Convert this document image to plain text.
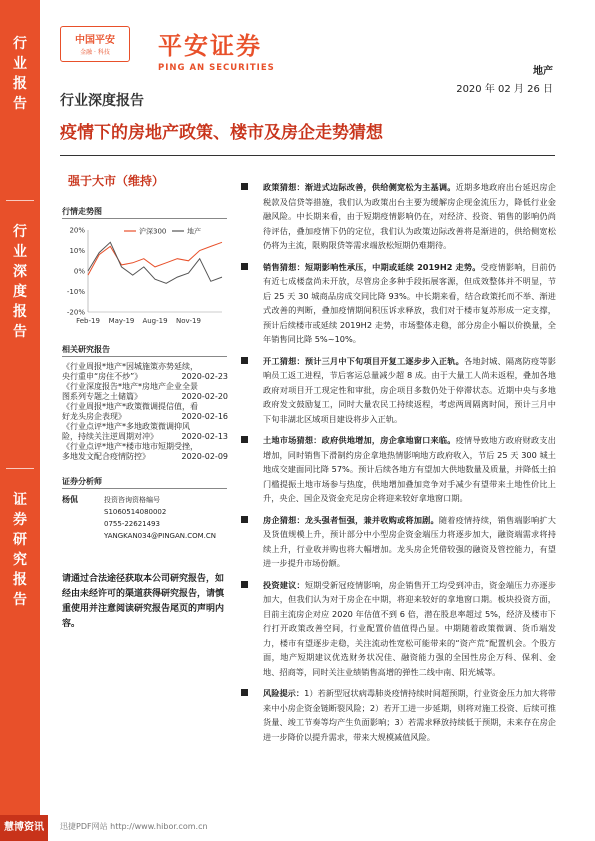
行
业
报
告
行
业
深
度
报
告
证
券
研
究
报
告
中国平安
金融 · 科技	平安证券
PING AN SECURITIES	地产
2020 年 02 月 26 日
行业深度报告
疫情下的房地产政策、楼市及房企走势猜想
强于大市（维持）
行情走势图
20%
10%
0%
-10%
-20%
Feb-19 May-19 Aug-19 Nov-19
沪深300	地产
相关研究报告
《行业周报*地产*因城施策亦势延续，
央行重申“房住不炒”》	2020-02-23
《行业深度报告*地产*房地产企业全景
图系列专题之土储篇》	2020-02-20
《行业周报*地产*政策微调提信值，看
好龙头房企表现》	2020-02-16
《行业点评*地产*多地政策微调抑风
险，持续关注逆周期对冲》	2020-02-13
《行业点评*地产*楼市地市短期受挫，
多地发文配合疫情防控》	2020-02-09
证券分析师
杨侃	投资咨询资格编号
S1060514080002
0755-22621493
YANGKAN034@PINGAN.COM.CN
请通过合法途径获取本公司研究报告，如经由未经许可的渠道获得研究报告，请慎重使用并注意阅读研究报告尾页的声明内容。
政策猜想：渐进式边际改善，供给侧宽松为主基调。近期多地政府出台延迟房企税款及信贷等措施，我们认为政策出台主要为缓解房企现金流压力，降低行业金融风险。中长期来看，由于短期疫情影响仍在，对经济、投资、销售的影响仍尚待评估，叠加疫情下仍的定位，我们认为政策边际改善将是渐进的，供给侧宽松仍将为主流，限购限贷等需求端放松短期仍难期待。
销售猜想：短期影响性承压，中期或延续 2019H2 走势。受疫情影响，目前仍有近七成楼盘尚未开放，尽管房企多种手段拓展客源，但成效整体并不明显，节后 25 天 30 城商品房成交同比降 93%。中长期来看，结合政策托而不举、渐进式改善的判断，叠加疫情期间积压诉求释放，我们对于楼市复苏形成一定支撑，预计后续楼市或延续 2019H2 走势，市场整体走稳，部分房企小幅以价换量，全年销售同比降 5%~10%。
开工猜想：预计三月中下旬项目开复工逐步步入正轨。各地封城、隔离防疫等影响员工返工进程，节后客运总量减少超 8 成。由于大量工人尚未返程，叠加各地政府对项目开工现定性和审批，房企项目多数仍处于停滞状态。近期中央与多地政府发文鼓励复工，同时大量农民工持续返程，考虑两周隔离时间，预计三月中下旬非湖北区域项目建设将步入正轨。
土地市场猜想：政府供地增加，房企拿地窗口来临。疫情导致地方政府财政支出增加，同时销售下滑制约房企拿地热情影响地方政府收入，节后 25 天 300 城土地成交建面同比降 57%。预计后续各地方有望加大供地数量及质量，并降低土拍门槛提振土地市场参与热度，供地增加叠加竞争对手减少有望带来土地性价比上升，央企、国企及资金充足房企将迎来较好拿地窗口期。
房企猜想：龙头强者恒强，兼并收购或将加剧。随着疫情持续，销售端影响扩大及货值规模上升，预计部分中小型房企资金端压力将逐步加大，融资端需求将持续上升，行业收并购也将大幅增加。龙头房企凭借较强的融资及管控能力，有望进一步提升市场份额。
投资建议：短期受新冠疫情影响，房企销售开工均受到冲击，资金端压力亦逐步加大，但我们认为对于房企在中期，将迎来较好的拿地窗口期。板块投资方面，目前主流房企对应 2020 年估值不到 6 倍，潜在股息率超过 5%，经济及楼市下行打开政策改善空间，行业配置价值值得凸显。中期随着政策微调、货币端发力，楼市有望逐步走稳，关注流动性宽松可能带来的“资产荒”配置机会。个股方面，地产短期建议优选财务状况佳、融资能力强的全国性房企万科、保利、金地、招商等，同时关注业绩销售高增的弹性二线中南、阳光城等。
风险提示：1）若新型冠状病毒肺炎疫情持续时间超预期，行业资金压力加大将带来中小房企资金链断裂风险；2）若开工进一步延期，则将对施工投资、后续可推货量、竣工节奏等均产生负面影响；3）若需求释放持续低于预期，未来存在房企进一步降价以提升需求，带来大规模减值风险。
慧博资讯	迅捷PDF网站 http://www.hibor.com.cn
